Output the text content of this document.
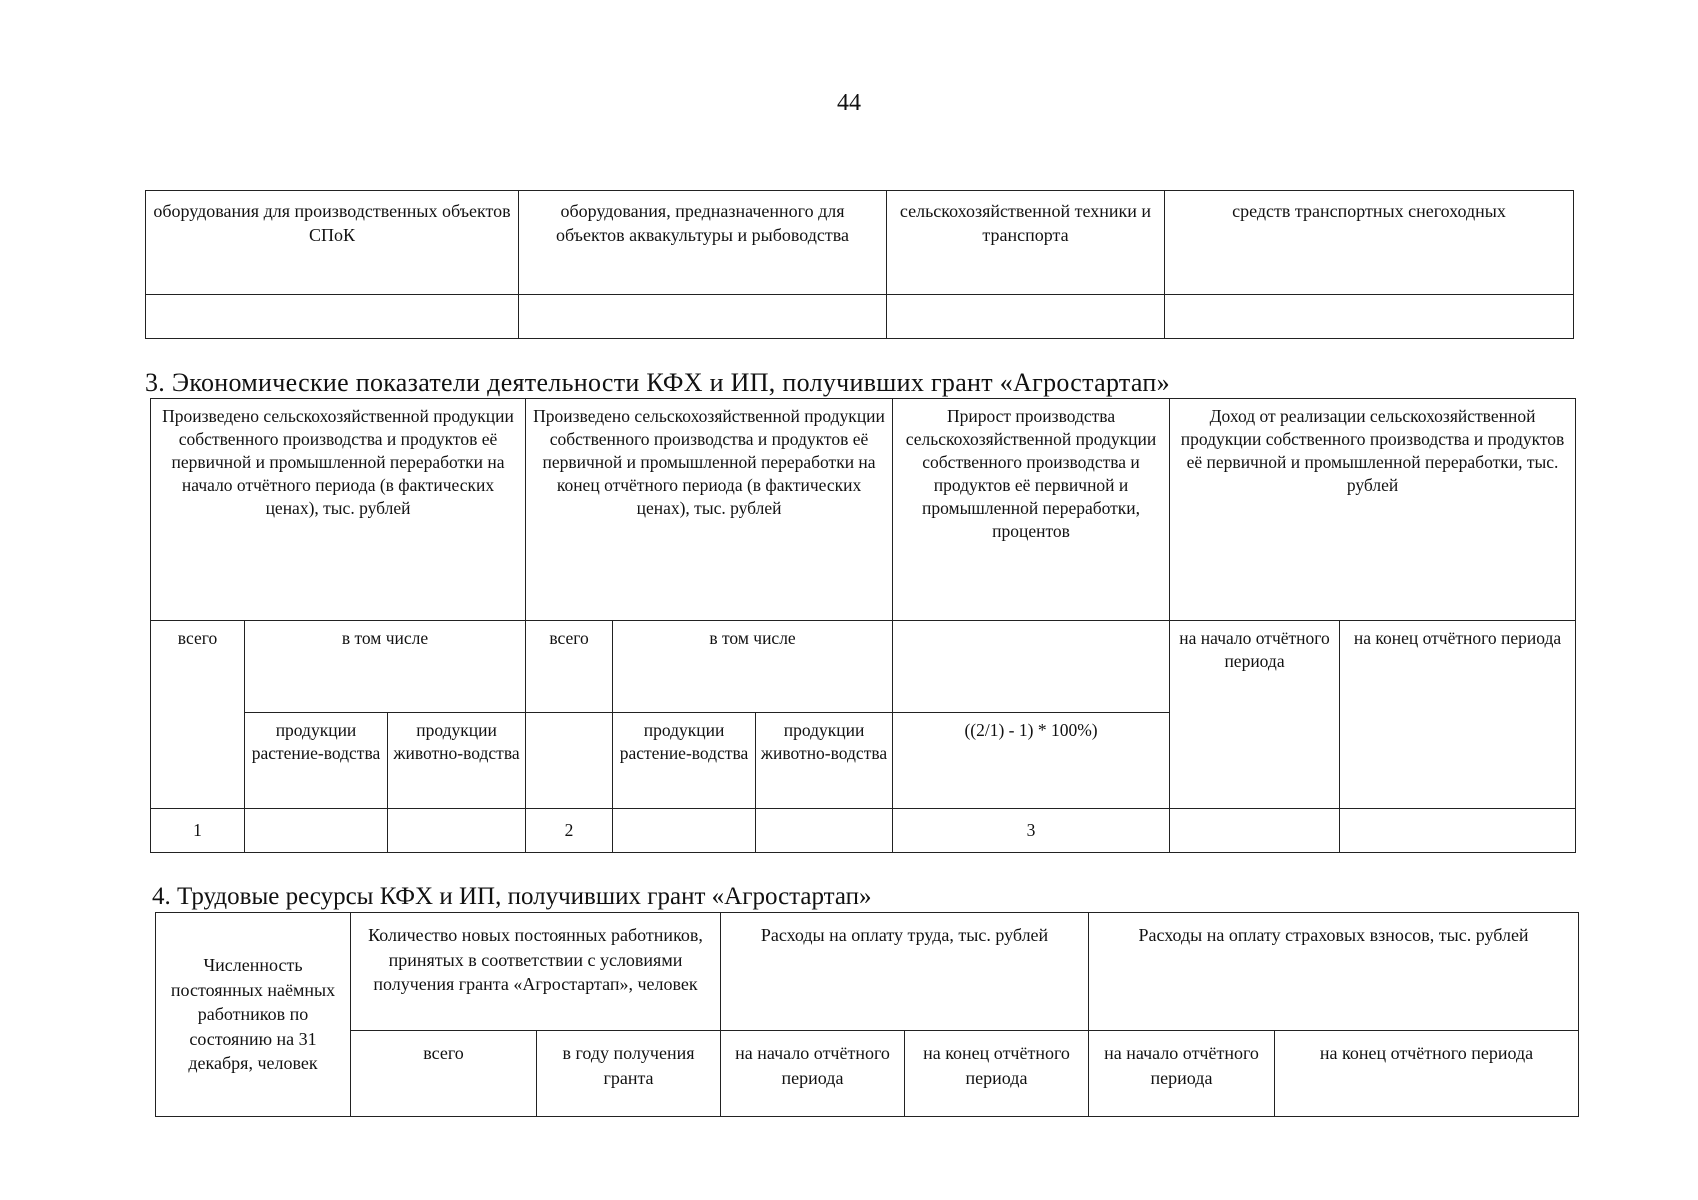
44
оборудования для производственных объектов СПоК	оборудования, предназначенного для объектов аквакультуры и рыбоводства	сельскохозяйственной техники и транспорта	средств транспортных снегоходных

3. Экономические показатели деятельности КФХ и ИП, получивших грант «Агростартап»
Произведено сельскохозяйственной продукции собственного производства и продуктов её первичной и промышленной переработки на начало отчётного периода (в фактических ценах), тыс. рублей			Произведено сельскохозяйственной продукции собственного производства и продуктов её первичной и промышленной переработки на конец отчётного периода (в фактических ценах), тыс. рублей			Прирост производства сельскохозяйственной продукции собственного производства и продуктов её первичной и промышленной переработки, процентов	Доход от реализации сельскохозяйственной продукции собственного производства и продуктов её первичной и промышленной переработки, тыс. рублей	
всего	в том числе		всего	в том числе			на начало отчётного периода	на конец отчётного периода
	продукции растение-водства	продукции животно-водства		продукции растение-водства	продукции животно-водства	((2/1) - 1) * 100%)		
1			2			3		
4. Трудовые ресурсы КФХ и ИП, получивших грант «Агростартап»
Численность постоянных наёмных работников по состоянию на 31 декабря, человек	Количество новых постоянных работников, принятых в соответствии с условиями получения гранта «Агростартап», человек		Расходы на оплату труда, тыс. рублей		Расходы на оплату страховых взносов, тыс. рублей	
	всего	в году получения гранта	на начало отчётного периода	на конец отчётного периода	на начало отчётного периода	на конец отчётного периода
